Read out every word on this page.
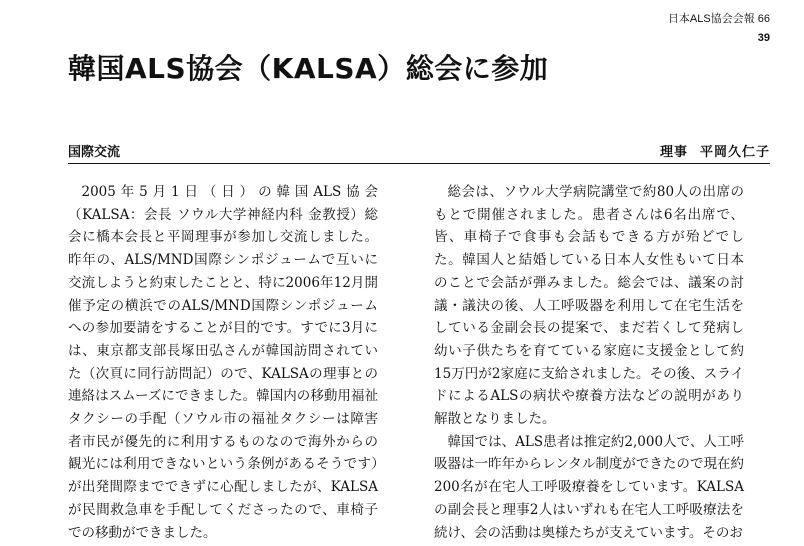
日本ALS協会会報 66
39
韓国ALS協会（KALSA）総会に参加
国際交流	理事 平岡久仁子

2005年5月1日（日）の韓国ALS協会（KALSA：会長 ソウル大学神経内科 金教授）総会に橋本会長と平岡理事が参加し交流しました。昨年の、ALS/MND国際シンポジュームで互いに交流しようと約束したことと、特に2006年12月開催予定の横浜でのALS/MND国際シンポジュームへの参加要請をすることが目的です。すでに3月には、東京都支部長塚田弘さんが韓国訪問されていた（次頁に同行訪問記）ので、KALSAの理事との連絡はスムーズにできました。韓国内の移動用福祉タクシーの手配（ソウル市の福祉タクシーは障害者市民が優先的に利用するものなので海外からの観光には利用できないという条例があるそうです）が出発間際までできずに心配しましたが、KALSAが民間救急車を手配してくださったので、車椅子での移動ができました。

総会は、ソウル大学病院講堂で約80人の出席のもとで開催されました。患者さんは6名出席で、皆、車椅子で食事も会話もできる方が殆どでした。韓国人と結婚している日本人女性もいて日本のことで会話が弾みました。総会では、議案の討議・議決の後、人工呼吸器を利用して在宅生活をしている金副会長の提案で、まだ若くして発病し幼い子供たちを育てている家庭に支援金として約15万円が2家庭に支給されました。その後、スライドによるALSの病状や療養方法などの説明があり解散となりました。

韓国では、ALS患者は推定約2,000人で、人工呼吸器は一昨年からレンタル制度ができたので現在約200名が在宅人工呼吸療養をしています。KALSAの副会長と理事2人はいずれも在宅人工呼吸療法を続け、会の活動は奥様たちが支えています。そのお
